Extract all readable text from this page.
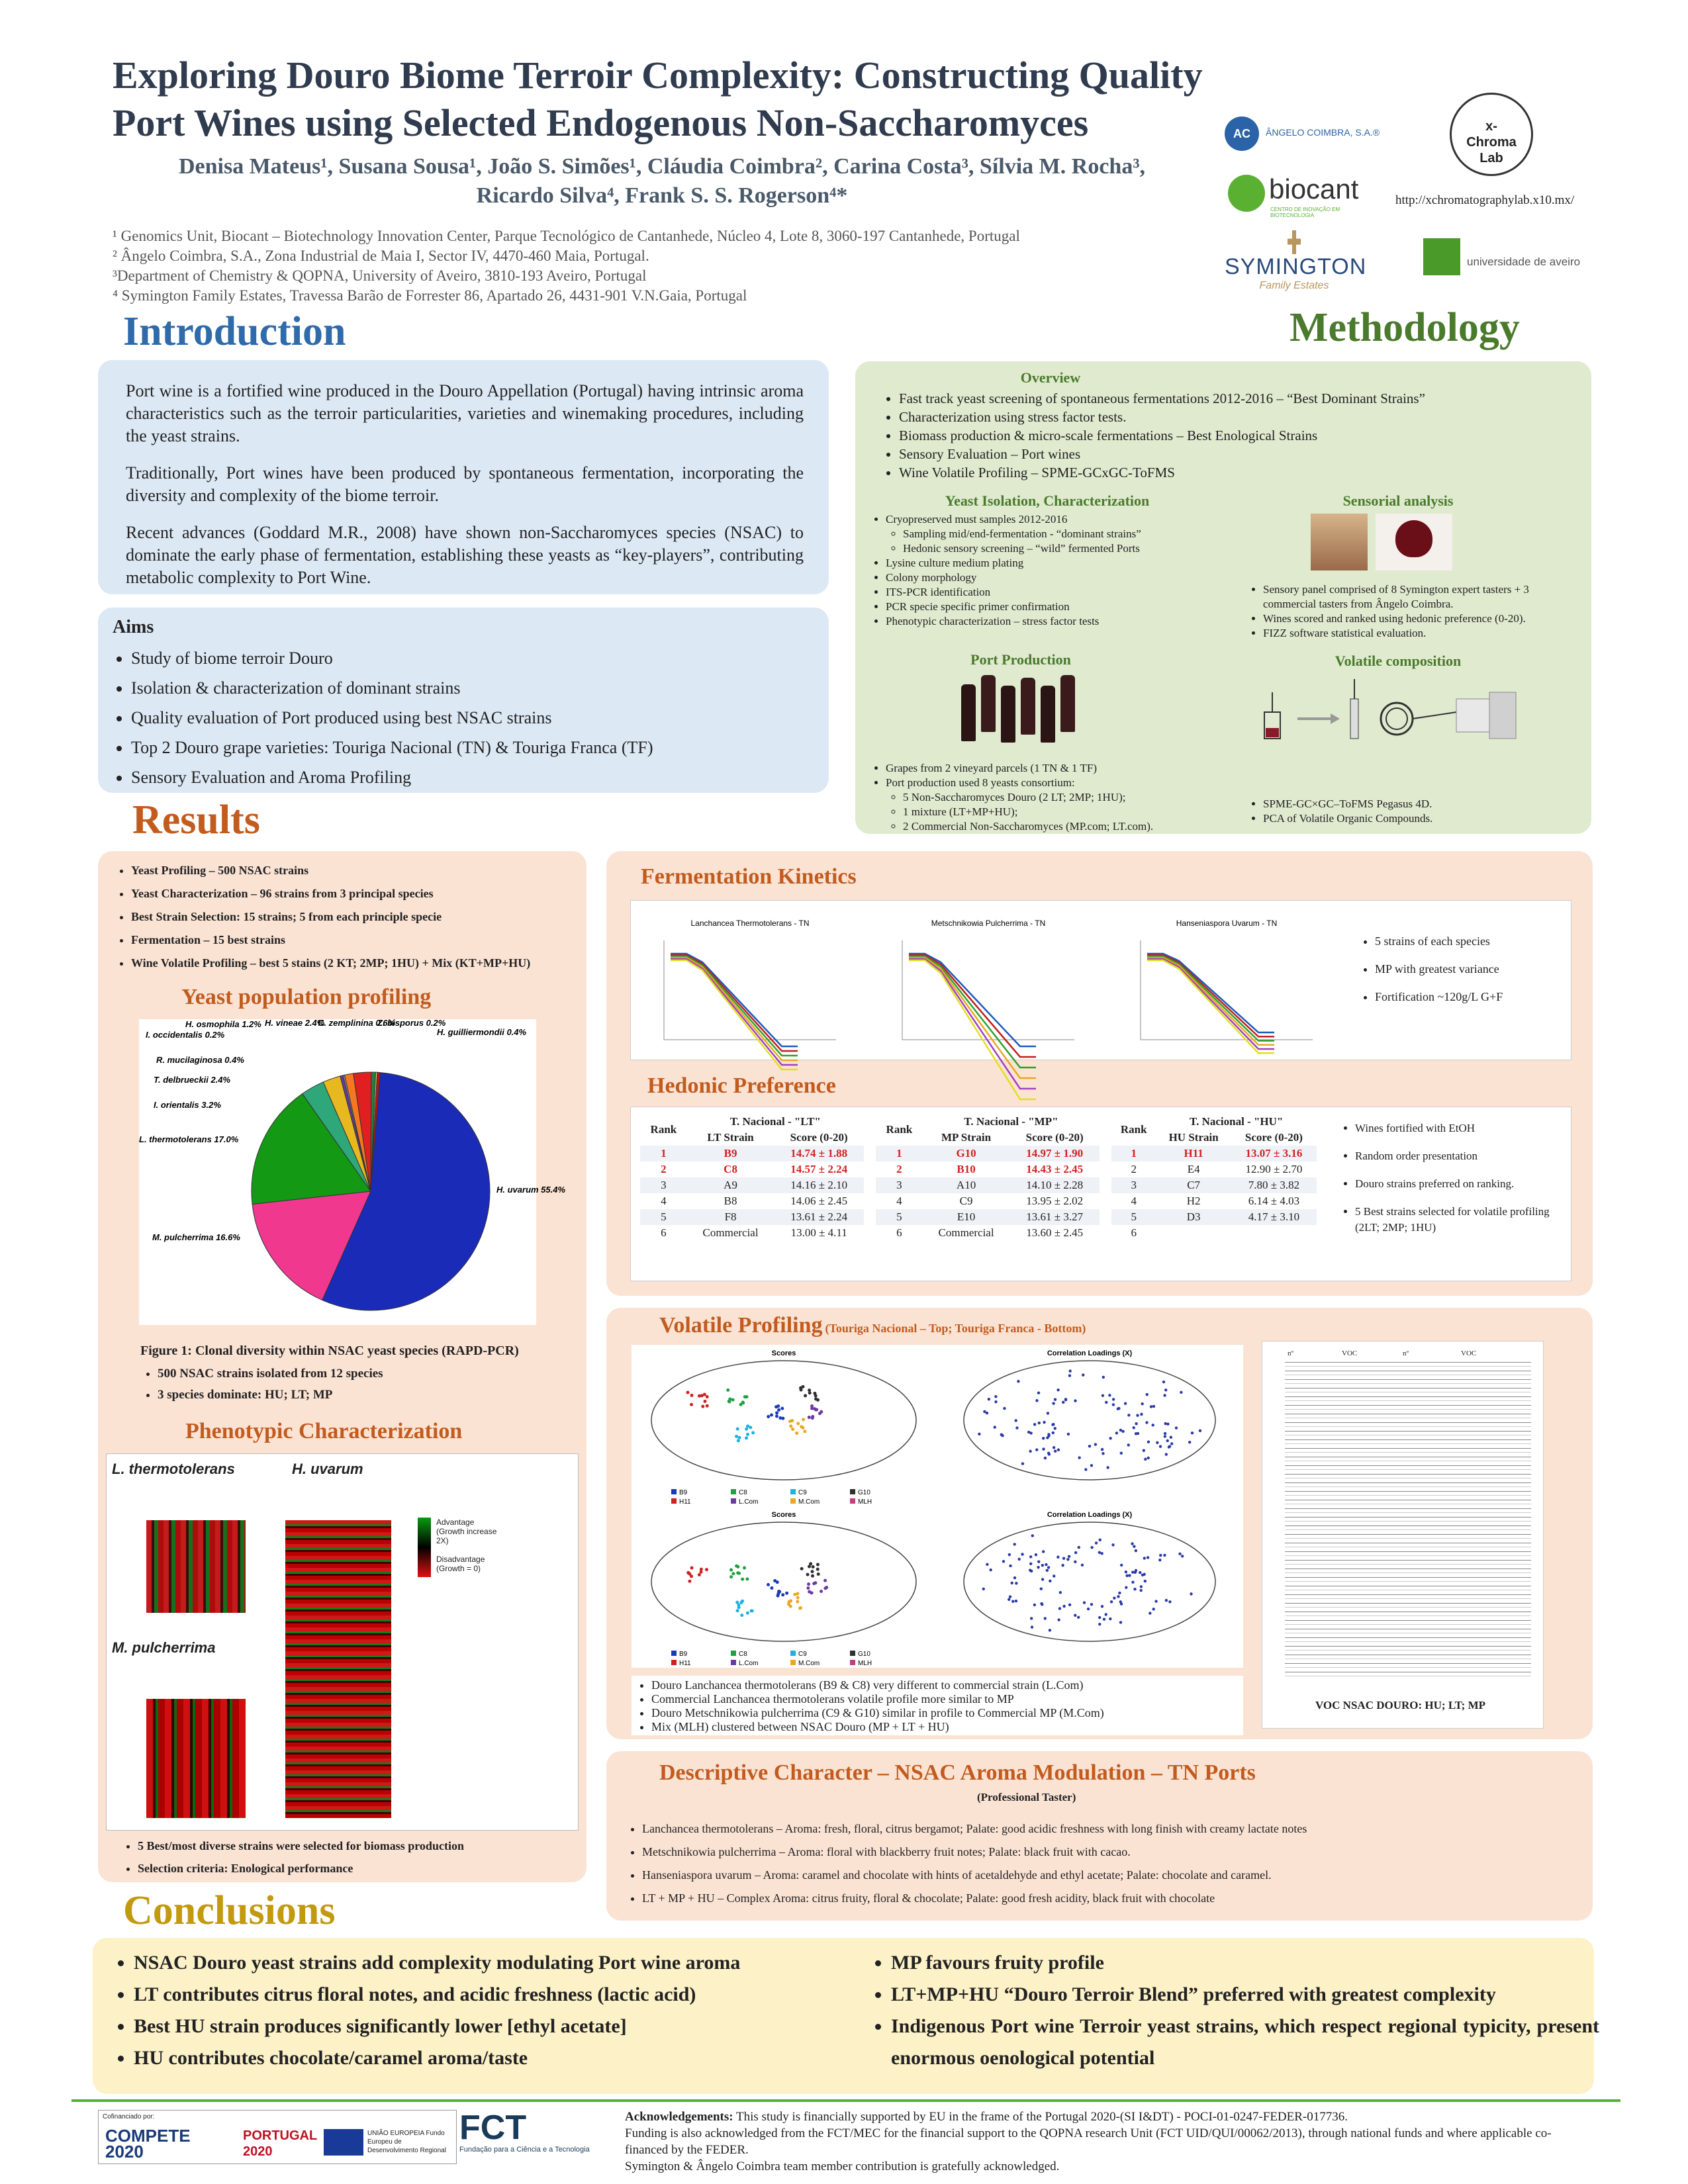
Exploring Douro Biome Terroir Complexity: Constructing Quality
Port Wines using Selected Endogenous Non-Saccharomyces
Denisa Mateus¹, Susana Sousa¹, João S. Simões¹, Cláudia Coimbra², Carina Costa³, Sílvia M. Rocha³,
Ricardo Silva⁴, Frank S. S. Rogerson⁴*
¹ Genomics Unit, Biocant – Biotechnology Innovation Center, Parque Tecnológico de Cantanhede, Núcleo 4, Lote 8, 3060-197 Cantanhede, Portugal
² Ângelo Coimbra, S.A., Zona Industrial de Maia I, Sector IV, 4470-460 Maia, Portugal.
³Department of Chemistry & QOPNA, University of Aveiro, 3810-193 Aveiro, Portugal
⁴ Symington Family Estates, Travessa Barão de Forrester 86, Apartado 26, 4431-901 V.N.Gaia, Portugal
AC	ÂNGELO COIMBRA, S.A.®	x-Chroma Lab
biocant
CENTRO DE INOVAÇÃO EM BIOTECNOLOGIA
http://xchromatographylab.x10.mx/
SYMINGTON
Family Estates
universidade de aveiro
Introduction

Port wine is a fortified wine produced in the Douro Appellation (Portugal) having intrinsic aroma characteristics such as the terroir particularities, varieties and winemaking procedures, including the yeast strains.

Traditionally, Port wines have been produced by spontaneous fermentation, incorporating the diversity and complexity of the biome terroir.

Recent advances (Goddard M.R., 2008) have shown non-Saccharomyces species (NSAC) to dominate the early phase of fermentation, establishing these yeasts as “key-players”, contributing metabolic complexity to Port Wine.

Aims
• Study of biome terroir Douro
• Isolation & characterization of dominant strains
• Quality evaluation of Port produced using best NSAC strains
• Top 2 Douro grape varieties: Touriga Nacional (TN) & Touriga Franca (TF)
• Sensory Evaluation and Aroma Profiling
Methodology
Overview
• Fast track yeast screening of spontaneous fermentations 2012-2016 – “Best Dominant Strains”
• Characterization using stress factor tests.
• Biomass production & micro-scale fermentations – Best Enological Strains
• Sensory Evaluation – Port wines
• Wine Volatile Profiling – SPME-GCxGC-ToFMS
Yeast Isolation, Characterization
• Cryopreserved must samples 2012-2016
◦ Sampling mid/end-fermentation - “dominant strains”
◦ Hedonic sensory screening – “wild” fermented Ports
• Lysine culture medium plating
• Colony morphology
• ITS-PCR identification
• PCR specie specific primer confirmation
• Phenotypic characterization – stress factor tests
Sensorial analysis
• Sensory panel comprised of 8 Symington expert tasters + 3 commercial tasters from Ângelo Coimbra.
• Wines scored and ranked using hedonic preference (0-20).
• FIZZ software statistical evaluation.
Port Production
• Grapes from 2 vineyard parcels (1 TN & 1 TF)
• Port production used 8 yeasts consortium:
◦ 5 Non-Saccharomyces Douro (2 LT; 2MP; 1HU);
◦ 1 mixture (LT+MP+HU);
◦ 2 Commercial Non-Saccharomyces (MP.com; LT.com).
Volatile composition
• SPME-GC×GC–ToFMS Pegasus 4D.
• PCA of Volatile Organic Compounds.
Results
• Yeast Profiling – 500 NSAC strains
• Yeast Characterization – 96 strains from 3 principal species
• Best Strain Selection: 15 strains; 5 from each principle specie
• Fermentation – 15 best strains
• Wine Volatile Profiling – best 5 stains (2 KT; 2MP; 1HU) + Mix (KT+MP+HU)
Yeast population profiling
H. uvarum 55.4%
M. pulcherrima 16.6%
L. thermotolerans 17.0%
I. orientalis 3.2%
T. delbrueckii 2.4%
R. mucilaginosa 0.4%
I. occidentalis 0.2%
H. osmophila 1.2% H. vineae 2.4%
C. zemplinina 0.6%
Z. bisporus 0.2%
H. guilliermondii 0.4%
Figure 1: Clonal diversity within NSAC yeast species (RAPD-PCR)
• 500 NSAC strains isolated from 12 species
• 3 species dominate: HU; LT; MP
Phenotypic Characterization
L. thermotolerans	H. uvarum
M. pulcherrima
Advantage (Growth increase 2X)
Disadvantage (Growth = 0)
• 5 Best/most diverse strains were selected for biomass production
• Selection criteria: Enological performance
Fermentation Kinetics
Lanchancea Thermotolerans - TN	Metschnikowia Pulcherrima - TN	Hanseniaspora Uvarum - TN
• 5 strains of each species
• MP with greatest variance
• Fortification ~120g/L G+F
Hedonic Preference
Rank	T. Nacional - "LT"	
	LT Strain	Score (0-20)
1	B9	14.74 ± 1.88
2	C8	14.57 ± 2.24
3	A9	14.16 ± 2.10
4	B8	14.06 ± 2.45
5	F8	13.61 ± 2.24
6	Commercial	13.00 ± 4.11
Rank	T. Nacional - "MP"	
	MP Strain	Score (0-20)
1	G10	14.97 ± 1.90
2	B10	14.43 ± 2.45
3	A10	14.10 ± 2.28
4	C9	13.95 ± 2.02
5	E10	13.61 ± 3.27
6	Commercial	13.60 ± 2.45
Rank	T. Nacional - "HU"	
	HU Strain	Score (0-20)
1	H11	13.07 ± 3.16
2	E4	12.90 ± 2.70
3	C7	7.80 ± 3.82
4	H2	6.14 ± 4.03
5	D3	4.17 ± 3.10
6		
• Wines fortified with EtOH
• Random order presentation
• Douro strains preferred on ranking.
• 5 Best strains selected for volatile profiling (2LT; 2MP; 1HU)
Volatile Profiling (Touriga Nacional – Top; Touriga Franca - Bottom)
Scores
B9	C8	C9	G10
H11	L.Com	M.Com	MLH
Correlation Loadings (X)
Scores
B9	C8	C9	G10
H11	L.Com	M.Com	MLH
Correlation Loadings (X)
• Douro Lanchancea thermotolerans (B9 & C8) very different to commercial strain (L.Com)
• Commercial Lanchancea thermotolerans volatile profile more similar to MP
• Douro Metschnikowia pulcherrima (C9 & G10) similar in profile to Commercial MP (M.Com)
• Mix (MLH) clustered between NSAC Douro (MP + LT + HU)
nº	VOC	nº	VOC
VOC NSAC DOURO: HU; LT; MP
Descriptive Character – NSAC Aroma Modulation – TN Ports
(Professional Taster)
• Lanchancea thermotolerans – Aroma: fresh, floral, citrus bergamot; Palate: good acidic freshness with long finish with creamy lactate notes
• Metschnikowia pulcherrima – Aroma: floral with blackberry fruit notes; Palate: black fruit with cacao.
• Hanseniaspora uvarum – Aroma: caramel and chocolate with hints of acetaldehyde and ethyl acetate; Palate: chocolate and caramel.
• LT + MP + HU – Complex Aroma: citrus fruity, floral & chocolate; Palate: good fresh acidity, black fruit with chocolate
Conclusions
• NSAC Douro yeast strains add complexity modulating Port wine aroma
• LT contributes citrus floral notes, and acidic freshness (lactic acid)
• Best HU strain produces significantly lower [ethyl acetate]
• HU contributes chocolate/caramel aroma/taste
• MP favours fruity profile
• LT+MP+HU “Douro Terroir Blend” preferred with greatest complexity
• Indigenous Port wine Terroir yeast strains, which respect regional typicity, present enormous oenological potential
Cofinanciado por:
COMPETE 2020
PORTUGAL 2020
UNIÃO EUROPEIA Fundo Europeu de Desenvolvimento Regional
FCT
Fundação para a Ciência e a Tecnologia
Acknowledgements: This study is financially supported by EU in the frame of the Portugal 2020-(SI I&DT) - POCI-01-0247-FEDER-017736.
Funding is also acknowledged from the FCT/MEC for the financial support to the QOPNA research Unit (FCT UID/QUI/00062/2013), through national funds and where applicable co-financed by the FEDER.
Symington & Ângelo Coimbra team member contribution is gratefully acknowledged.
